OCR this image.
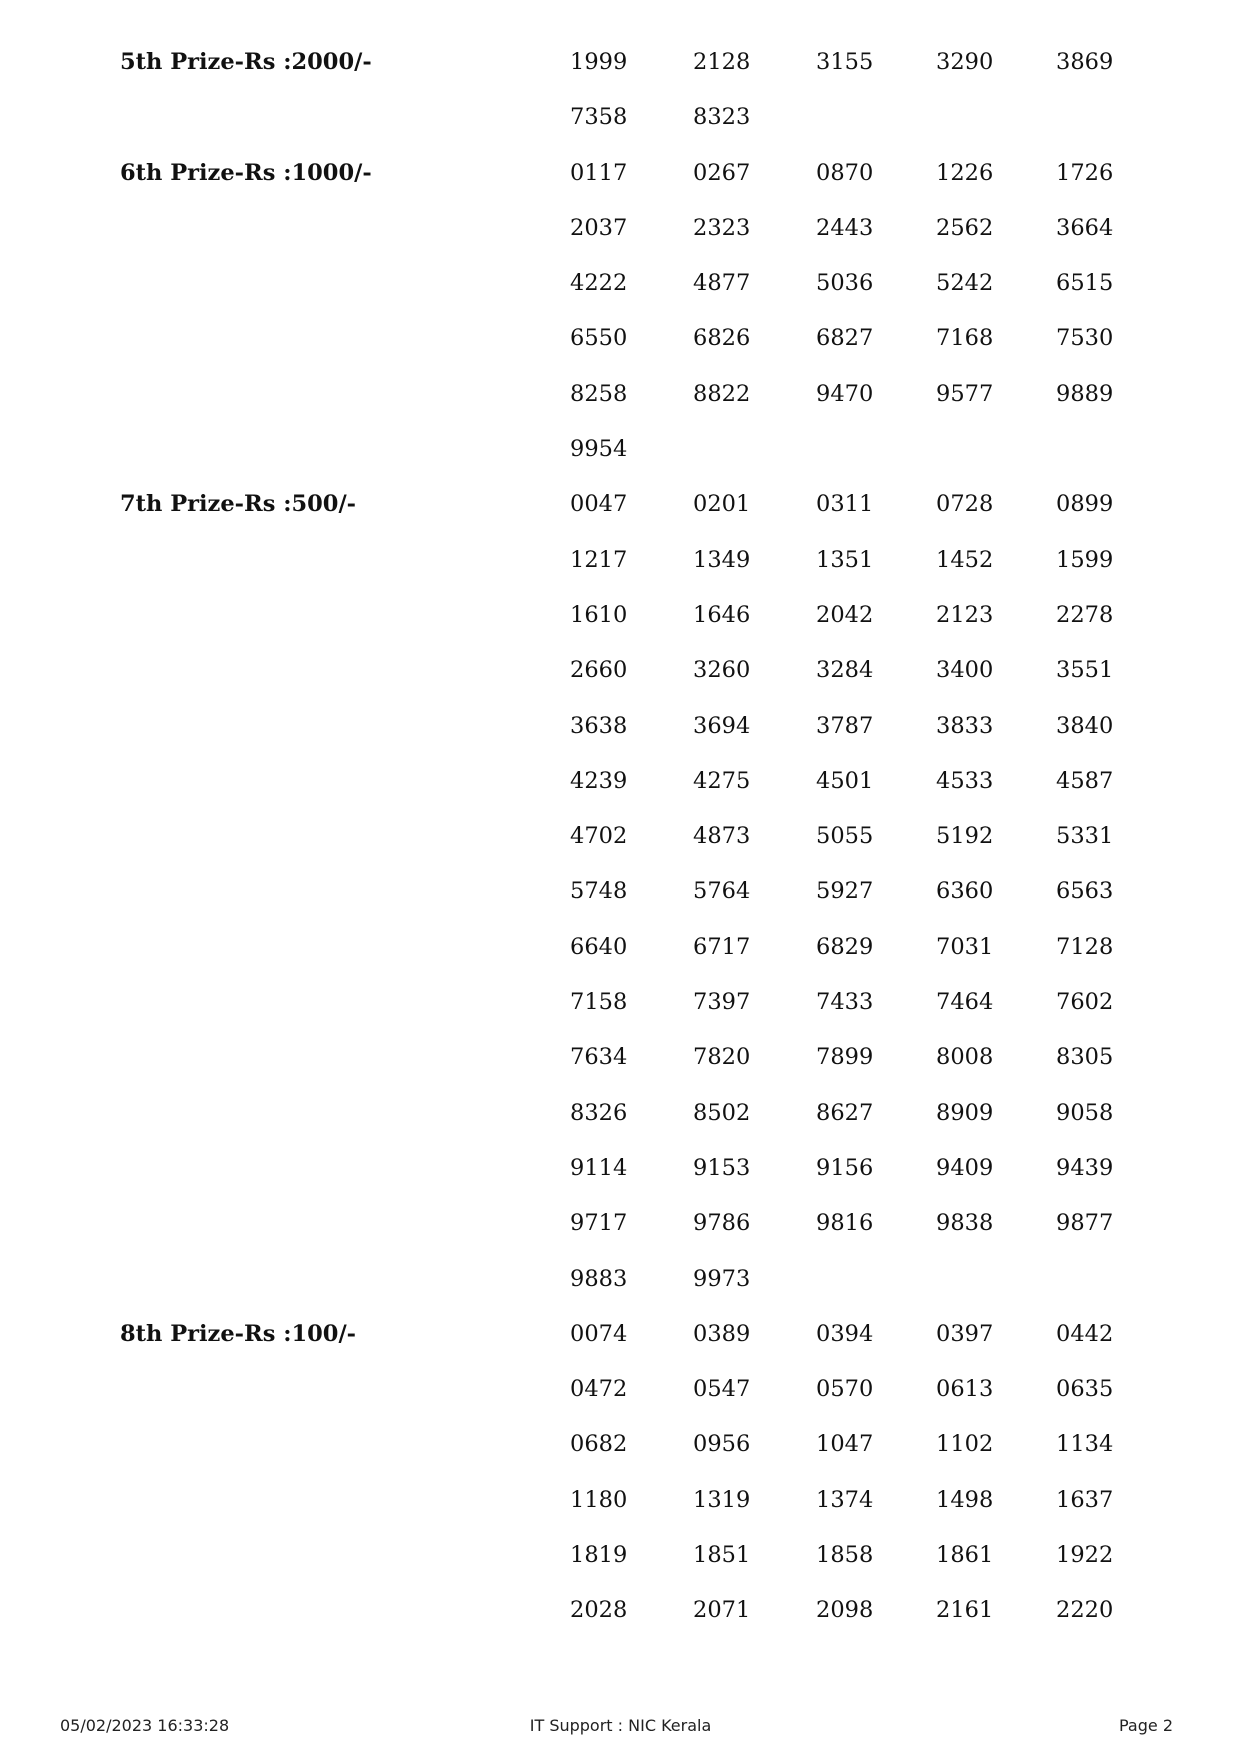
5th Prize-Rs :2000/-	1999	2128	3155	3290	3869
7358	8323
6th Prize-Rs :1000/-	0117	0267	0870	1226	1726
2037	2323	2443	2562	3664
4222	4877	5036	5242	6515
6550	6826	6827	7168	7530
8258	8822	9470	9577	9889
9954
7th Prize-Rs :500/-	0047	0201	0311	0728	0899
1217	1349	1351	1452	1599
1610	1646	2042	2123	2278
2660	3260	3284	3400	3551
3638	3694	3787	3833	3840
4239	4275	4501	4533	4587
4702	4873	5055	5192	5331
5748	5764	5927	6360	6563
6640	6717	6829	7031	7128
7158	7397	7433	7464	7602
7634	7820	7899	8008	8305
8326	8502	8627	8909	9058
9114	9153	9156	9409	9439
9717	9786	9816	9838	9877
9883	9973
8th Prize-Rs :100/-	0074	0389	0394	0397	0442
0472	0547	0570	0613	0635
0682	0956	1047	1102	1134
1180	1319	1374	1498	1637
1819	1851	1858	1861	1922
2028	2071	2098	2161	2220
05/02/2023 16:33:28	IT Support : NIC Kerala	Page 2
